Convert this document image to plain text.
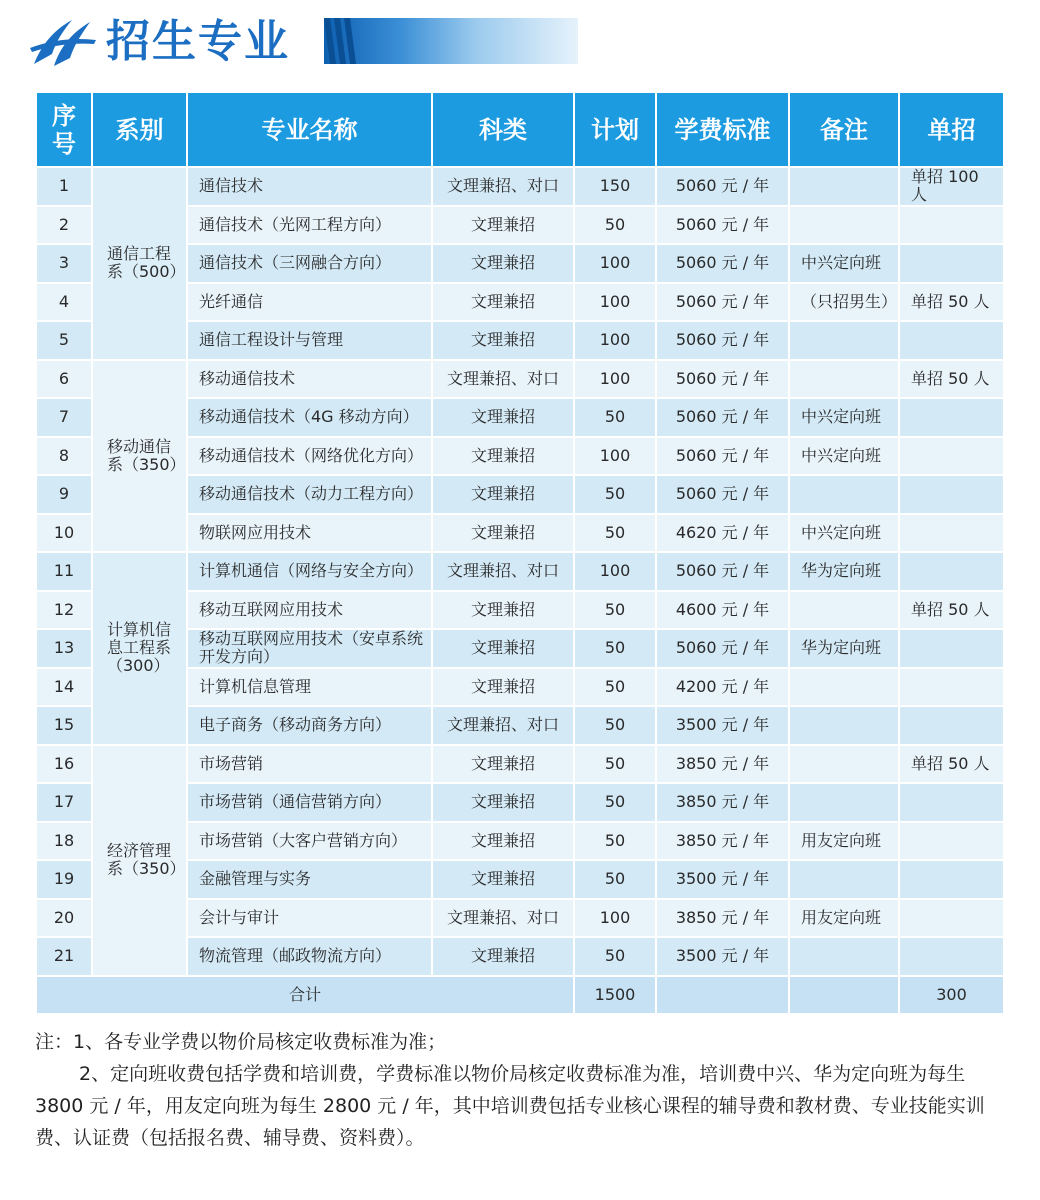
招生专业
序号	系别	专业名称	科类	计划	学费标准	备注	单招
1	通信工程系（500）	通信技术	文理兼招、对口	150	5060 元 / 年		单招 100 人
2		通信技术（光网工程方向）	文理兼招	50	5060 元 / 年		
3		通信技术（三网融合方向）	文理兼招	100	5060 元 / 年	中兴定向班	
4		光纤通信	文理兼招	100	5060 元 / 年	（只招男生）	单招 50 人
5		通信工程设计与管理	文理兼招	100	5060 元 / 年		
6	移动通信系（350）	移动通信技术	文理兼招、对口	100	5060 元 / 年		单招 50 人
7		移动通信技术（4G 移动方向）	文理兼招	50	5060 元 / 年	中兴定向班	
8		移动通信技术（网络优化方向）	文理兼招	100	5060 元 / 年	中兴定向班	
9		移动通信技术（动力工程方向）	文理兼招	50	5060 元 / 年		
10		物联网应用技术	文理兼招	50	4620 元 / 年	中兴定向班	
11	计算机信息工程系（300）	计算机通信（网络与安全方向）	文理兼招、对口	100	5060 元 / 年	华为定向班	
12		移动互联网应用技术	文理兼招	50	4600 元 / 年		单招 50 人
13		移动互联网应用技术（安卓系统开发方向）	文理兼招	50	5060 元 / 年	华为定向班	
14		计算机信息管理	文理兼招	50	4200 元 / 年		
15		电子商务（移动商务方向）	文理兼招、对口	50	3500 元 / 年		
16	经济管理系（350）	市场营销	文理兼招	50	3850 元 / 年		单招 50 人
17		市场营销（通信营销方向）	文理兼招	50	3850 元 / 年		
18		市场营销（大客户营销方向）	文理兼招	50	3850 元 / 年	用友定向班	
19		金融管理与实务	文理兼招	50	3500 元 / 年		
20		会计与审计	文理兼招、对口	100	3850 元 / 年	用友定向班	
21		物流管理（邮政物流方向）	文理兼招	50	3500 元 / 年		
合计				1500			300

注：1、各专业学费以物价局核定收费标准为准；

2、定向班收费包括学费和培训费，学费标准以物价局核定收费标准为准，培训费中兴、华为定向班为每生 3800 元 / 年，用友定向班为每生 2800 元 / 年，其中培训费包括专业核心课程的辅导费和教材费、专业技能实训费、认证费（包括报名费、辅导费、资料费）。
